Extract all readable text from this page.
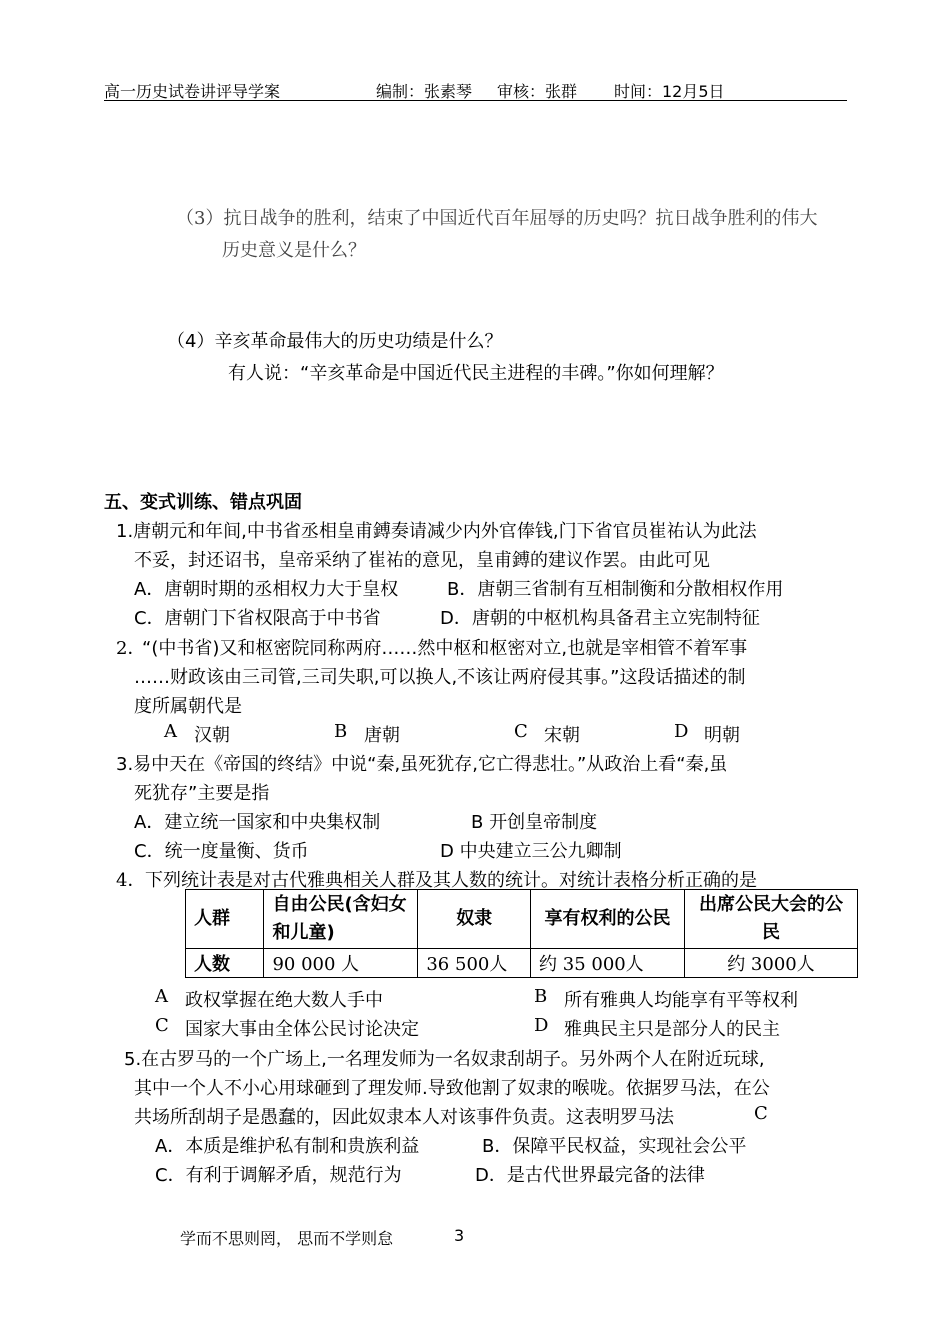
高一历史试卷讲评导学案	编制：张素琴 审核：张群 时间：12月5日
（3）抗日战争的胜利，结束了中国近代百年屈辱的历史吗？抗日战争胜利的伟大
历史意义是什么？
（4）辛亥革命最伟大的历史功绩是什么？
有人说：“辛亥革命是中国近代民主进程的丰碑。”你如何理解？
五、变式训练、错点巩固
1.唐朝元和年间,中书省丞相皇甫鎛奏请减少内外官俸钱,门下省官员崔祐认为此法
不妥，封还诏书，皇帝采纳了崔祐的意见，皇甫鎛的建议作罢。由此可见
A．唐朝时期的丞相权力大于皇权	B．唐朝三省制有互相制衡和分散相权作用
C．唐朝门下省权限高于中书省	D．唐朝的中枢机构具备君主立宪制特征
2．
“(中书省)又和枢密院同称两府……然中枢和枢密对立,也就是宰相管不着军事
……财政该由三司管,三司失职,可以换人,不该让两府侵其事。”这段话描述的制
度所属朝代是
A 汉朝	B 唐朝	C 宋朝	D 明朝
3.易中天在《帝国的终结》中说“秦,虽死犹存,它亡得悲壮。”从政治上看“秦,虽
死犹存”主要是指
A．建立统一国家和中央集权制	B 开创皇帝制度
C．统一度量衡、货币	D 中央建立三公九卿制
4． 下列统计表是对古代雅典相关人群及其人数的统计。对统计表格分析正确的是
人群	自由公民(含妇女和儿童)	奴隶	享有权利的公民	出席公民大会的公民
人数	90 000 人	36 500人	约 35 000人	约 3000人
A 政权掌握在绝大数人手中	B 所有雅典人均能享有平等权利
C 国家大事由全体公民讨论决定	D 雅典民主只是部分人的民主
5.在古罗马的一个广场上,一名理发师为一名奴隶刮胡子。另外两个人在附近玩球,
其中一个人不小心用球砸到了理发师.导致他割了奴隶的喉咙。依据罗马法，在公
共场所刮胡子是愚蠢的，因此奴隶本人对该事件负责。这表明罗马法	C
A．本质是维护私有制和贵族利益	B．保障平民权益，实现社会公平
C．有利于调解矛盾，规范行为	D．是古代世界最完备的法律
学而不思则罔， 思而不学则怠	3
